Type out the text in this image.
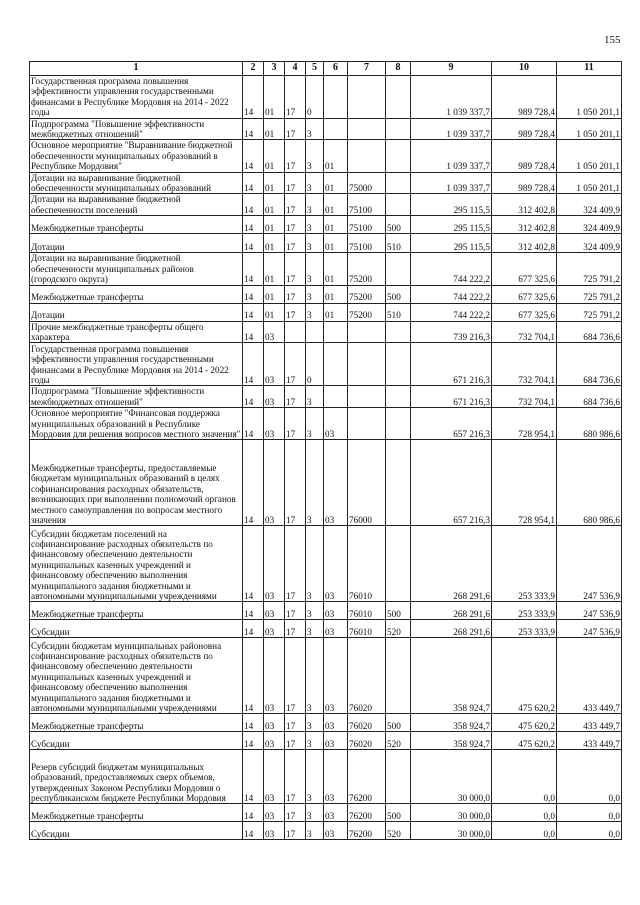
155
1	2	3	4	5	6	7	8	9	10	11
Государственная программа повышения эффективности управления государственными финансами в Республике Мордовия на 2014 - 2022 годы	14	01	17	0				1 039 337,7	989 728,4	1 050 201,1
Подпрограмма "Повышение эффективности межбюджетных отношений"	14	01	17	3				1 039 337,7	989 728,4	1 050 201,1
Основное мероприятие "Выравнивание бюджетной обеспеченности муниципальных образований в Республике Мордовия"	14	01	17	3	01			1 039 337,7	989 728,4	1 050 201,1
Дотации на выравнивание бюджетной обеспеченности муниципальных образований	14	01	17	3	01	75000		1 039 337,7	989 728,4	1 050 201,1
Дотации на выравнивание бюджетной обеспеченности поселений	14	01	17	3	01	75100		295 115,5	312 402,8	324 409,9
Межбюджетные трансферты	14	01	17	3	01	75100	500	295 115,5	312 402,8	324 409,9
Дотации	14	01	17	3	01	75100	510	295 115,5	312 402,8	324 409,9
Дотации на выравнивание бюджетной обеспеченности муниципальных районов (городского округа)	14	01	17	3	01	75200		744 222,2	677 325,6	725 791,2
Межбюджетные трансферты	14	01	17	3	01	75200	500	744 222,2	677 325,6	725 791,2
Дотации	14	01	17	3	01	75200	510	744 222,2	677 325,6	725 791,2
Прочие межбюджетные трансферты общего характера	14	03						739 216,3	732 704,1	684 736,6
Государственная программа повышения эффективности управления государственными финансами в Республике Мордовия на 2014 - 2022 годы	14	03	17	0				671 216,3	732 704,1	684 736,6
Подпрограмма "Повышение эффективности межбюджетных отношений"	14	03	17	3				671 216,3	732 704,1	684 736,6
Основное мероприятие "Финансовая поддержка муниципальных образований в Республике Мордовия для решения вопросов местного значения"	14	03	17	3	03			657 216,3	728 954,1	680 986,6
Межбюджетные трансферты, предоставляемые бюджетам муниципальных образований в целях софинансирования расходных обязательств, возникающих при выполнении полномочий органов местного самоуправления по вопросам местного значения	14	03	17	3	03	76000		657 216,3	728 954,1	680 986,6
Субсидии бюджетам поселений на софинансирование расходных обязательств по финансовому обеспечению деятельности муниципальных казенных учреждений и финансовому обеспечению выполнения муниципального задания бюджетными и автономными муниципальными учреждениями	14	03	17	3	03	76010		268 291,6	253 333,9	247 536,9
Межбюджетные трансферты	14	03	17	3	03	76010	500	268 291,6	253 333,9	247 536,9
Субсидии	14	03	17	3	03	76010	520	268 291,6	253 333,9	247 536,9
Субсидии бюджетам муниципальных районовна софинансирование расходных обязательств по финансовому обеспечению деятельности муниципальных казенных учреждений и финансовому обеспечению выполнения муниципального задания бюджетными и автономными муниципальными учреждениями	14	03	17	3	03	76020		358 924,7	475 620,2	433 449,7
Межбюджетные трансферты	14	03	17	3	03	76020	500	358 924,7	475 620,2	433 449,7
Субсидии	14	03	17	3	03	76020	520	358 924,7	475 620,2	433 449,7
Резерв субсидий бюджетам муниципальных образований, предоставляемых сверх объемов, утвержденных Законом Республики Мордовия о республиканском бюджете Республики Мордовия	14	03	17	3	03	76200		30 000,0	0,0	0,0
Межбюджетные трансферты	14	03	17	3	03	76200	500	30 000,0	0,0	0,0
Субсидии	14	03	17	3	03	76200	520	30 000,0	0,0	0,0
